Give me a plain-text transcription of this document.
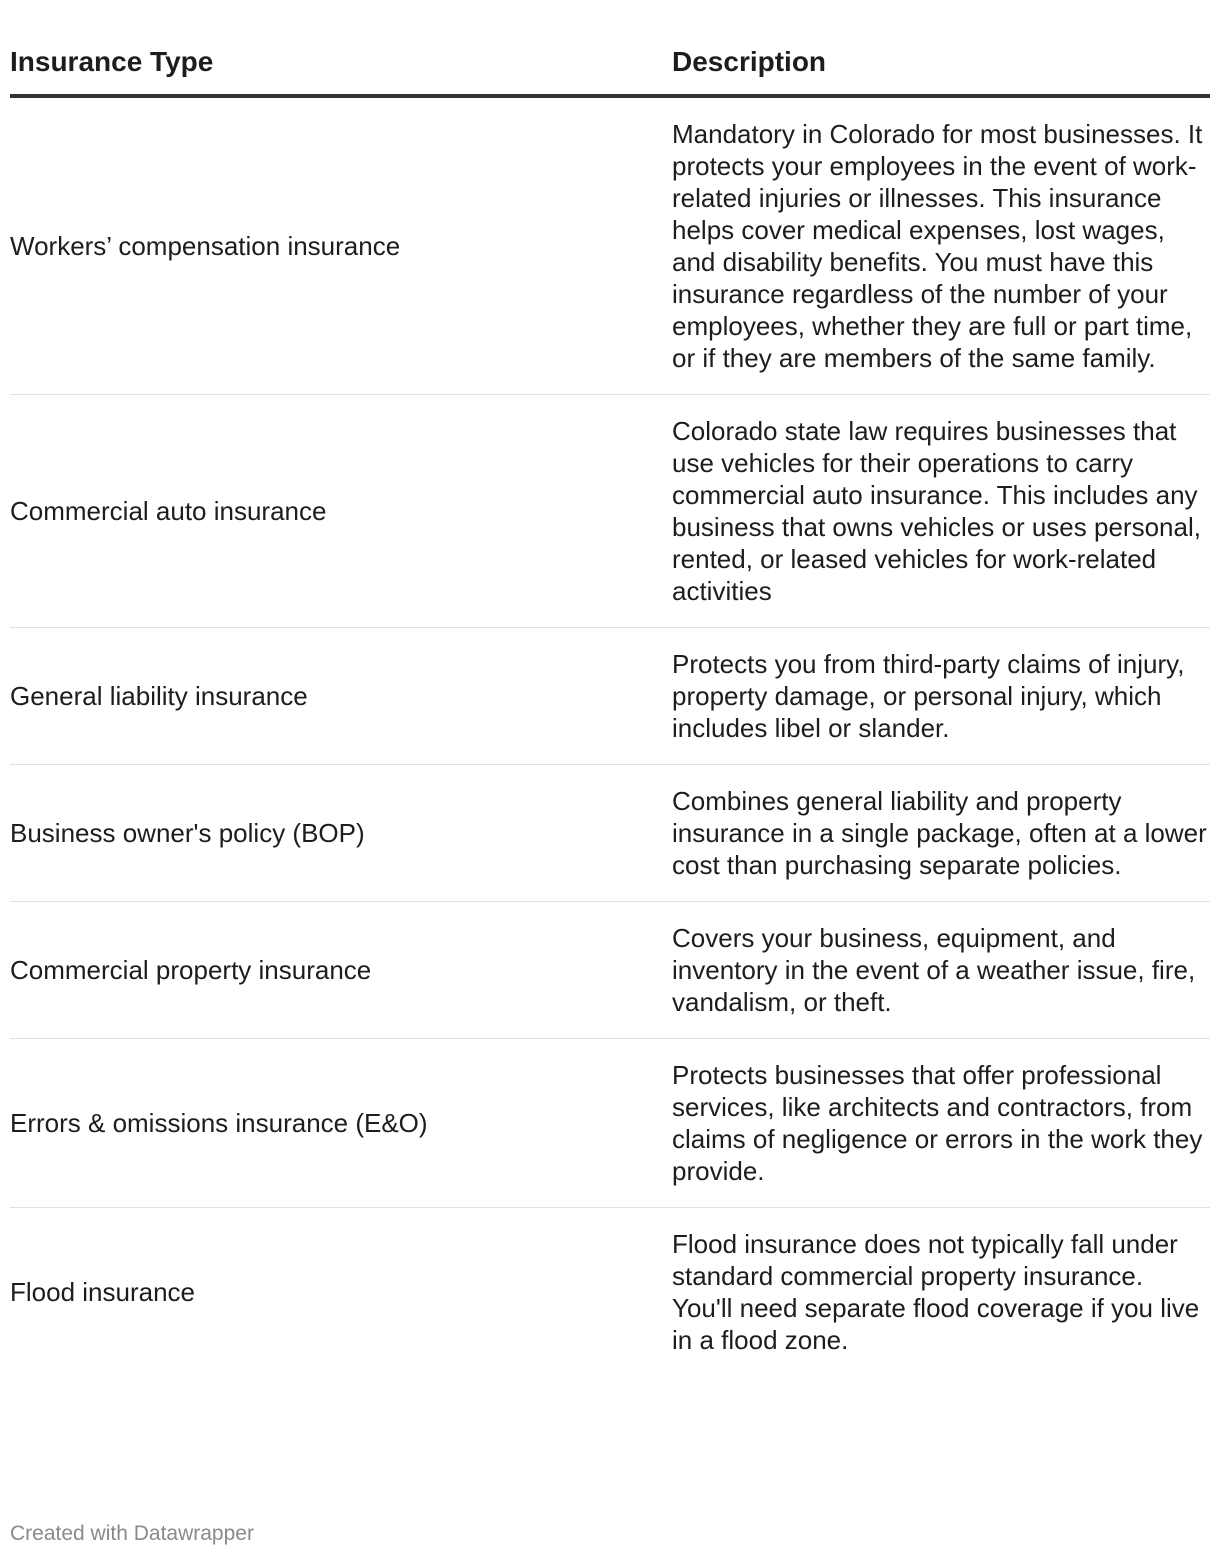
Insurance Type	Description
Workers’ compensation insurance	Mandatory in Colorado for most businesses. It protects your employees in the event of work-related injuries or illnesses. This insurance helps cover medical expenses, lost wages, and disability benefits. You must have this insurance regardless of the number of your employees, whether they are full or part time, or if they are members of the same family.
Commercial auto insurance	Colorado state law requires businesses that use vehicles for their operations to carry commercial auto insurance. This includes any business that owns vehicles or uses personal, rented, or leased vehicles for work-related activities
General liability insurance	Protects you from third-party claims of injury, property damage, or personal injury, which includes libel or slander.
Business owner's policy (BOP)	Combines general liability and property insurance in a single package, often at a lower cost than purchasing separate policies.
Commercial property insurance	Covers your business, equipment, and inventory in the event of a weather issue, fire, vandalism, or theft.
Errors & omissions insurance (E&O)	Protects businesses that offer professional services, like architects and contractors, from claims of negligence or errors in the work they provide.
Flood insurance	Flood insurance does not typically fall under standard commercial property insurance. You'll need separate flood coverage if you live in a flood zone.
Created with Datawrapper
